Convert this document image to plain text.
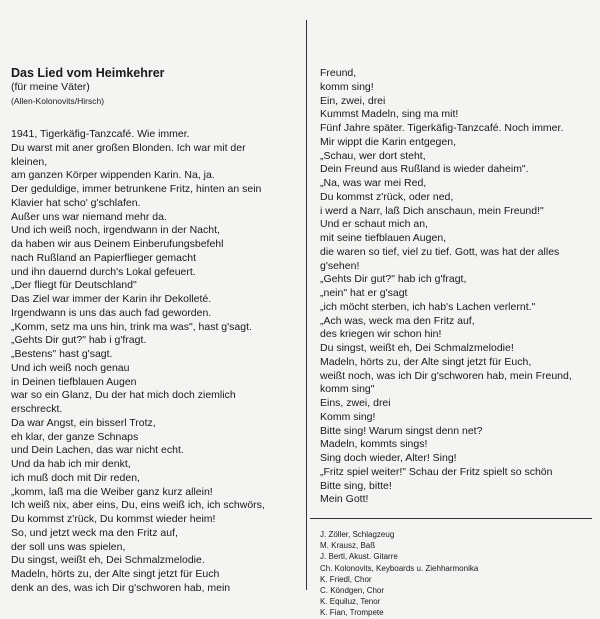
Das Lied vom Heimkehrer

(für meine Väter)

(Allen-Kolonovits/Hirsch)

1941, Tigerkäfig-Tanzcafé. Wie immer.
Du warst mit aner großen Blonden. Ich war mit der
kleinen,
am ganzen Körper wippenden Karin. Na, ja.
Der geduldige, immer betrunkene Fritz, hinten an sein
Klavier hat scho' g'schlafen.
Außer uns war niemand mehr da.
Und ich weiß noch, irgendwann in der Nacht,
da haben wir aus Deinem Einberufungsbefehl
nach Rußland an Papierflieger gemacht
und ihn dauernd durch's Lokal gefeuert.
„Der fliegt für Deutschland"
Das Ziel war immer der Karin ihr Dekolleté.
Irgendwann is uns das auch fad geworden.
„Komm, setz ma uns hin, trink ma was", hast g'sagt.
„Gehts Dir gut?" hab i g'fragt.
„Bestens" hast g'sagt.
Und ich weiß noch genau
in Deinen tiefblauen Augen
war so ein Glanz, Du der hat mich doch ziemlich
erschreckt.
Da war Angst, ein bisserl Trotz,
eh klar, der ganze Schnaps
und Dein Lachen, das war nicht echt.
Und da hab ich mir denkt,
ich muß doch mit Dir reden,
„komm, laß ma die Weiber ganz kurz allein!
Ich weiß nix, aber eins, Du, eins weiß ich, ich schwörs,
Du kommst z'rück, Du kommst wieder heim!
So, und jetzt weck ma den Fritz auf,
der soll uns was spielen,
Du singst, weißt eh, Dei Schmalzmelodie.
Madeln, hörts zu, der Alte singt jetzt für Euch
denk an des, was ich Dir g'schworen hab, mein
Freund,
komm sing!
Ein, zwei, drei
Kummst Madeln, sing ma mit!
Fünf Jahre später. Tigerkäfig-Tanzcafé. Noch immer.
Mir wippt die Karin entgegen,
„Schau, wer dort steht,
Dein Freund aus Rußland is wieder daheim".
„Na, was war mei Red,
Du kommst z'rück, oder ned,
i werd a Narr, laß Dich anschaun, mein Freund!"
Und er schaut mich an,
mit seine tiefblauen Augen,
die waren so tief, viel zu tief. Gott, was hat der alles
g'sehen!
„Gehts Dir gut?" hab ich g'fragt,
„nein" hat er g'sagt
„ich möcht sterben, ich hab's Lachen verlernt."
„Ach was, weck ma den Fritz auf,
des kriegen wir schon hin!
Du singst, weißt eh, Dei Schmalzmelodie!
Madeln, hörts zu, der Alte singt jetzt für Euch,
weißt noch, was ich Dir g'schworen hab, mein Freund,
komm sing"
Eins, zwei, drei
Komm sing!
Bitte sing! Warum singst denn net?
Madeln, kommts sings!
Sing doch wieder, Alter! Sing!
„Fritz spiel weiter!" Schau der Fritz spielt so schön
Bitte sing, bitte!
Mein Gott!
J. Zöller, Schlagzeug
M. Krausz, Baß
J. Bertl, Akust. Gitarre
Ch. Kolonovits, Keyboards u. Ziehharmonika
K. Friedl, Chor
C. Köndgen, Chor
K. Equiluz, Tenor
K. Fian, Trompete
